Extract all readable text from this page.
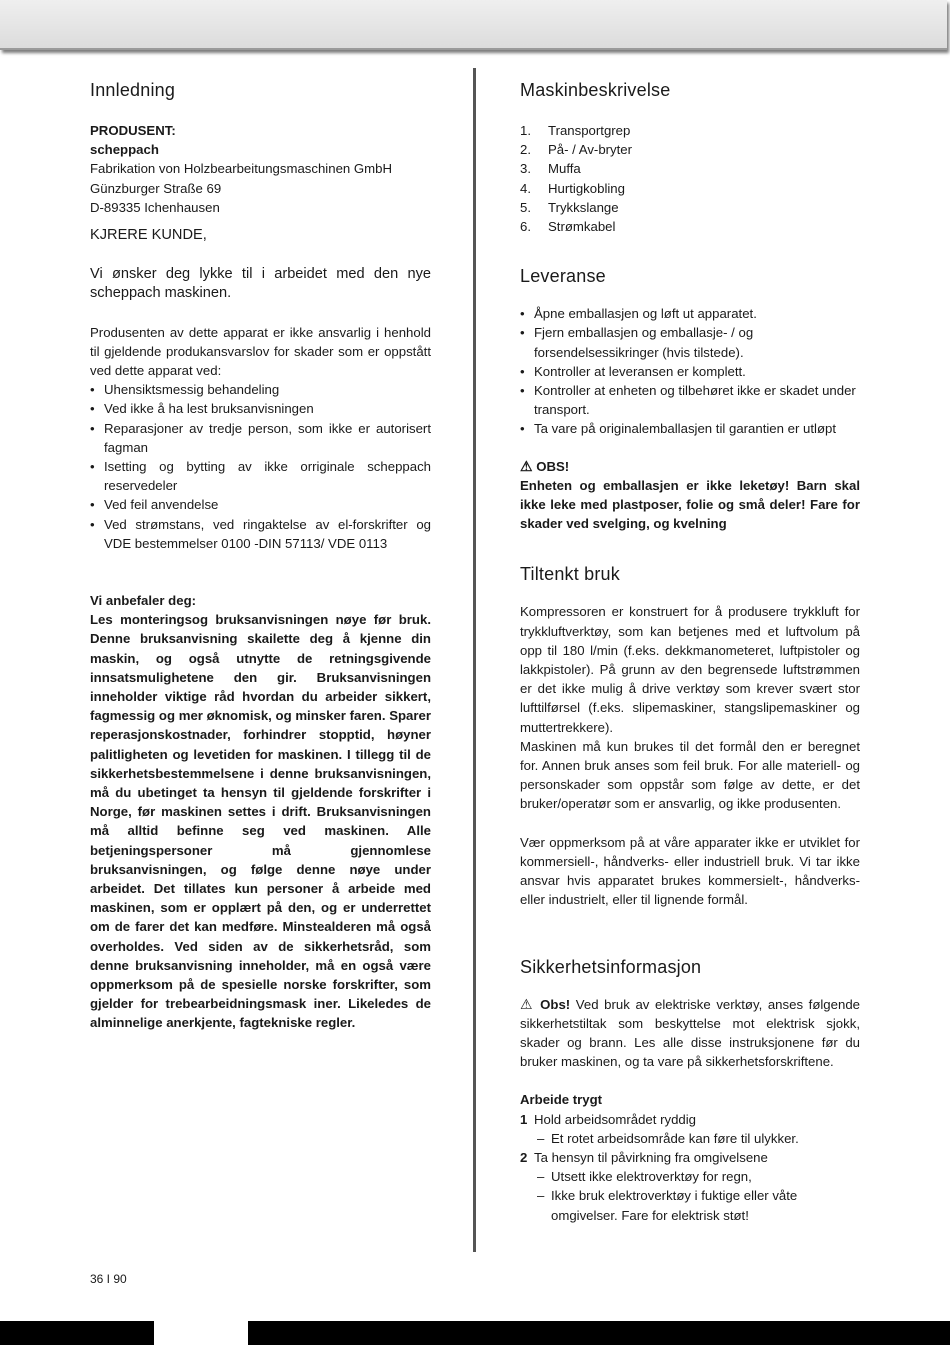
Innledning

PRODUSENT:

scheppach

Fabrikation von Holzbearbeitungsmaschinen GmbH

Günzburger Straße 69

D-89335 Ichenhausen

KJRERE KUNDE,

Vi ønsker deg lykke til i arbeidet med den nye scheppach maskinen.

Produsenten av dette apparat er ikke ansvarlig i henhold til gjeldende produkansvarslov for skader som er oppstått ved dette apparat ved:

• Uhensiktsmessig behandeling
• Ved ikke å ha lest bruksanvisningen
• Reparasjoner av tredje person, som ikke er autorisert fagman
• Isetting og bytting av ikke orriginale scheppach reservedeler
• Ved feil anvendelse
• Ved strømstans, ved ringaktelse av el-forskrifter og VDE bestemmelser 0100 -DIN 57113/ VDE 0113

Vi anbefaler deg:

Les monteringsog bruksanvisningen nøye før bruk. Denne bruksanvisning skailette deg å kjenne din maskin, og også utnytte de retningsgivende innsatsmulighetene den gir. Bruksanvisningen inneholder viktige råd hvordan du arbeider sikkert, fagmessig og mer øknomisk, og minsker faren. Sparer reperasjonskostnader, forhindrer stopptid, høyner palitligheten og levetiden for maskinen. I tillegg til de sikkerhetsbestemmelsene i denne bruksanvisningen, må du ubetinget ta hensyn til gjeldende forskrifter i Norge, før maskinen settes i drift. Bruksanvisningen må alltid befinne seg ved maskinen. Alle betjeningspersoner må gjennomlese bruksanvisningen, og følge denne nøye under arbeidet. Det tillates kun personer å arbeide med maskinen, som er opplært på den, og er underrettet om de farer det kan medføre. Minstealderen må også overholdes. Ved siden av de sikkerhetsråd, som denne bruksanvisning inneholder, må en også være oppmerksom på de spesielle norske forskrifter, som gjelder for trebearbeidningsmask iner. Likeledes de alminnelige anerkjente, fagtekniske regler.

Maskinbeskrivelse
1. Transportgrep
2. På- / Av-bryter
3. Muffa
4. Hurtigkobling
5. Trykkslange
6. Strømkabel
Leveranse
• Åpne emballasjen og løft ut apparatet.
• Fjern emballasjen og emballasje- / og forsendelsessikringer (hvis tilstede).
• Kontroller at leveransen er komplett.
• Kontroller at enheten og tilbehøret ikke er skadet under transport.
• Ta vare på originalemballasjen til garantien er utløpt

⚠ OBS!

Enheten og emballasjen er ikke leketøy! Barn skal ikke leke med plastposer, folie og små deler! Fare for skader ved svelging, og kvelning

Tiltenkt bruk

Kompressoren er konstruert for å produsere trykkluft for trykkluftverktøy, som kan betjenes med et luftvolum på opp til 180 l/min (f.eks. dekkmanometeret, luftpistoler og lakkpistoler). På grunn av den begrensede luftstrømmen er det ikke mulig å drive verktøy som krever svært stor lufttilførsel (f.eks. slipemaskiner, stangslipemaskiner og muttertrekkere).

Maskinen må kun brukes til det formål den er beregnet for. Annen bruk anses som feil bruk. For alle materiell- og personskader som oppstår som følge av dette, er det bruker/operatør som er ansvarlig, og ikke produsenten.

Vær oppmerksom på at våre apparater ikke er utviklet for kommersiell-, håndverks- eller industriell bruk. Vi tar ikke ansvar hvis apparatet brukes kommersielt-, håndverks- eller industrielt, eller til lignende formål.

Sikkerhetsinformasjon

⚠ Obs! Ved bruk av elektriske verktøy, anses følgende sikkerhetstiltak som beskyttelse mot elektrisk sjokk, skader og brann. Les alle disse instruksjonene før du bruker maskinen, og ta vare på sikkerhetsforskriftene.

Arbeide trygt

1 Hold arbeidsområdet ryddig

– Et rotet arbeidsområde kan føre til ulykker.

2 Ta hensyn til påvirkning fra omgivelsene

– Utsett ikke elektroverktøy for regn,
– Ikke bruk elektroverktøy i fuktige eller våte omgivelser. Fare for elektrisk støt!
36 I 90
